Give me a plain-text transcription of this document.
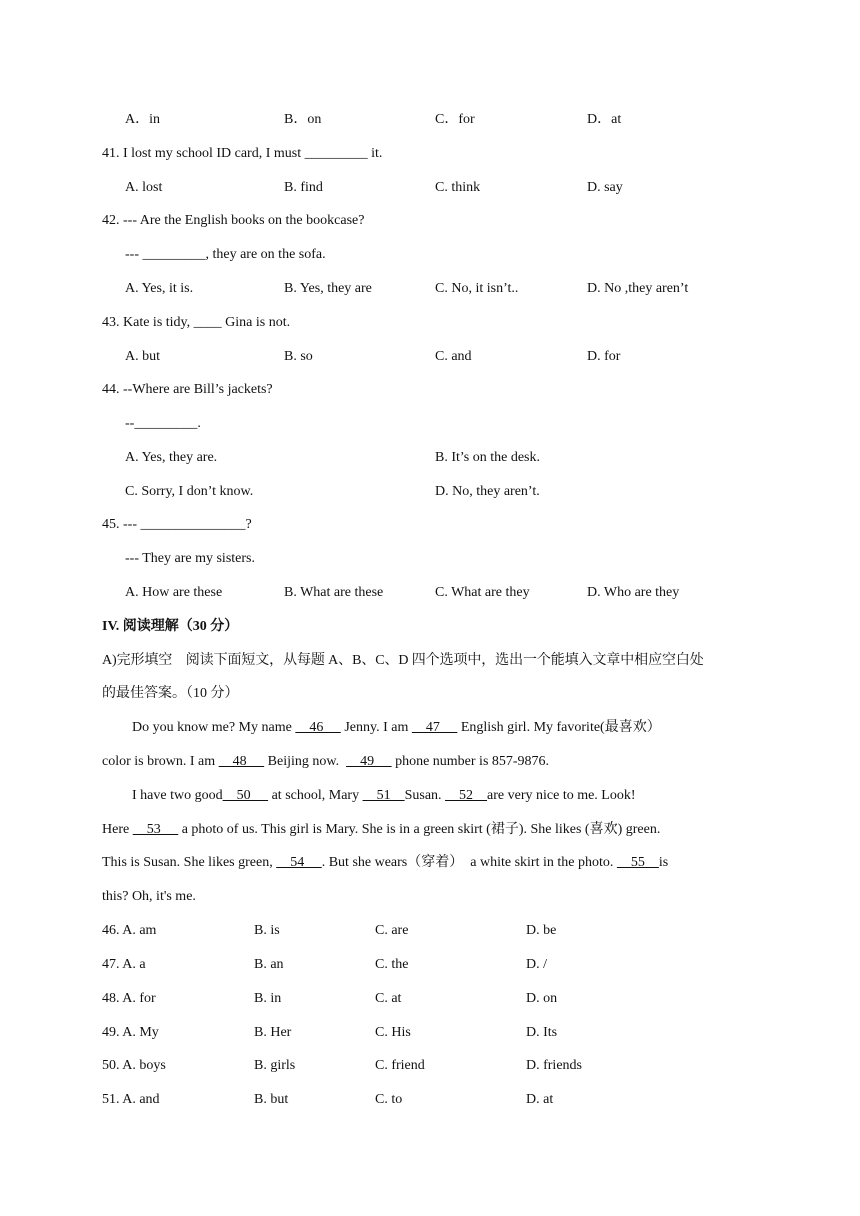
A．in	B．on	C．for	D．at
41. I lost my school ID card, I must _________ it.
A. lost	B. find	C. think	D. say
42. --- Are the English books on the bookcase?
--- _________, they are on the sofa.
A. Yes, it is.	B. Yes, they are	C. No, it isn’t..	D. No ,they aren’t
43. Kate is tidy, ____ Gina is not.
A. but	B. so	C. and	D. for
44. --Where are Bill’s jackets?
--_________.
A. Yes, they are.	B. It’s on the desk.
C. Sorry, I don’t know.	D. No, they aren’t.
45. --- _______________?
--- They are my sisters.
A. How are these	B. What are these	C. What are they	D. Who are they
IV. 阅读理解（30 分）
A)完形填空    阅读下面短文，从每题 A、B、C、D 四个选项中，选出一个能填入文章中相应空白处
的最佳答案。（10 分）
Do you know me? My name     46      Jenny. I am     47      English girl. My favorite(最喜欢）
color is brown. I am     48      Beijing now.      49      phone number is 857-9876.
I have two good    50      at school, Mary     51    Susan.     52    are very nice to me. Look!
Here     53      a photo of us. This girl is Mary. She is in a green skirt (裙子). She likes (喜欢) green.
This is Susan. She likes green,     54     . But she wears（穿着）  a white skirt in the photo.     55    is
this? Oh, it's me.
46. A. am	B. is	C. are	D. be
47. A. a	B. an	C. the	D. /
48. A. for	B. in	C. at	D. on
49. A. My	B. Her	C. His	D. Its
50. A. boys	B. girls	C. friend	D. friends
51. A. and	B. but	C. to	D. at
